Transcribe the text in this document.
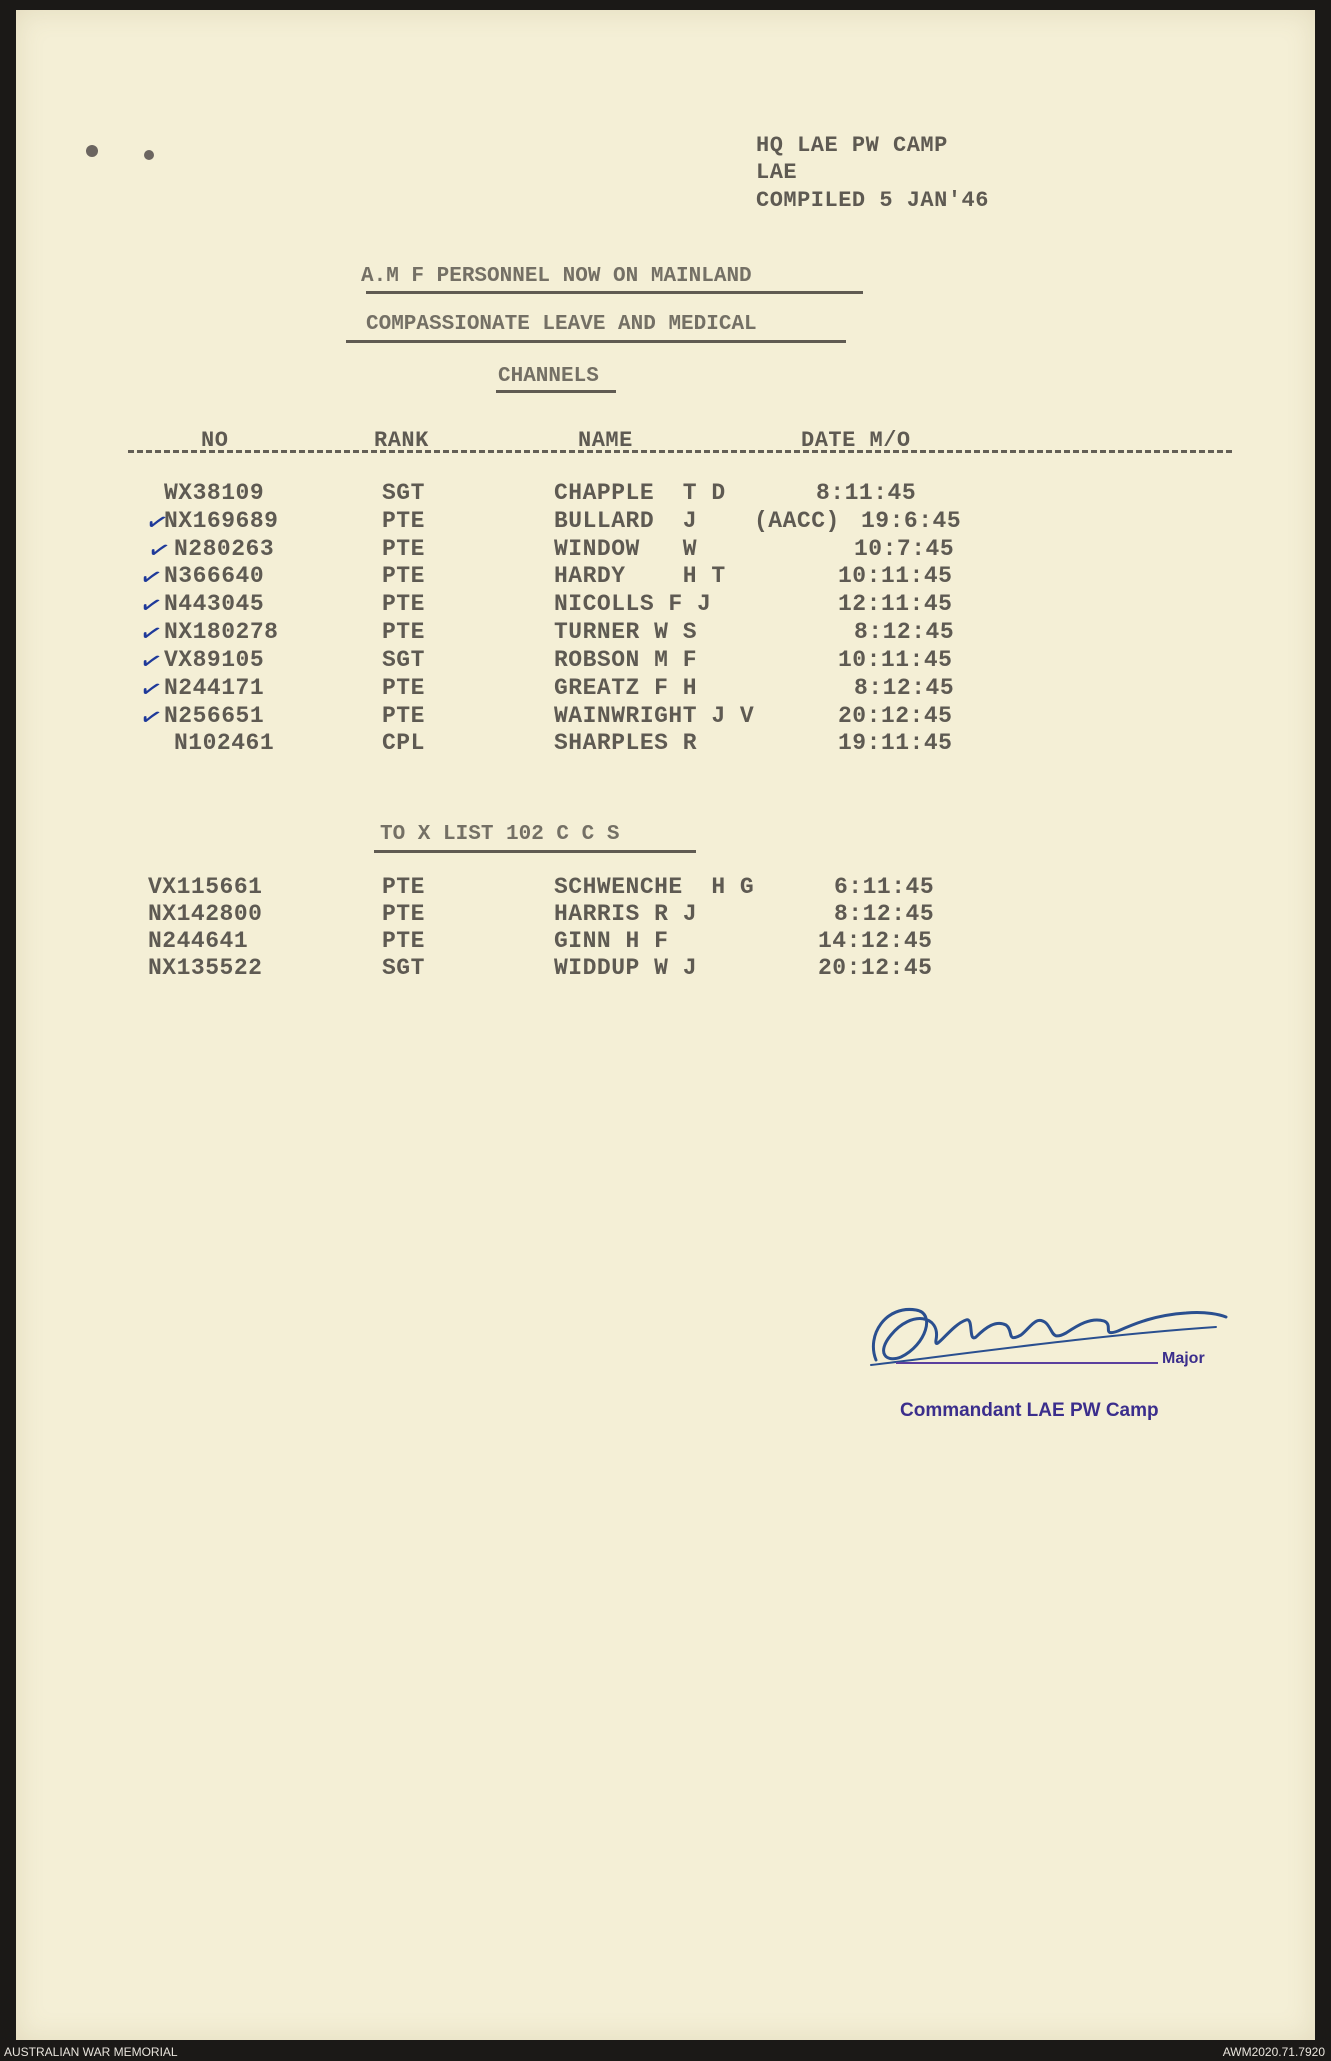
HQ LAE PW CAMP
LAE
COMPILED 5 JAN'46
A.M F PERSONNEL NOW ON MAINLAND
COMPASSIONATE LEAVE AND MEDICAL
CHANNELS
NO	RANK	NAME	DATE M/O
WX38109	SGT	CHAPPLE  T D	8:11:45
✓
NX169689	PTE	BULLARD  J (AACC) 19:6:45
✓ N280263	PTE	WINDOW   W	10:7:45
✓
N366640	PTE	HARDY    H T	10:11:45
✓
N443045	PTE	NICOLLS F J	12:11:45
✓
NX180278	PTE	TURNER W S	8:12:45
✓
VX89105	SGT	ROBSON M F	10:11:45
✓
N244171	PTE	GREATZ F H	8:12:45
✓
N256651	PTE	WAINWRIGHT J V	20:12:45
N102461	CPL	SHARPLES R	19:11:45
TO X LIST 102 C C S
VX115661	PTE	SCHWENCHE  H G	6:11:45
NX142800	PTE	HARRIS R J	8:12:45
N244641	PTE	GINN H F	14:12:45
NX135522	SGT	WIDDUP W J	20:12:45
Major
Commandant LAE PW Camp
AUSTRALIAN WAR MEMORIAL	AWM2020.71.7920
